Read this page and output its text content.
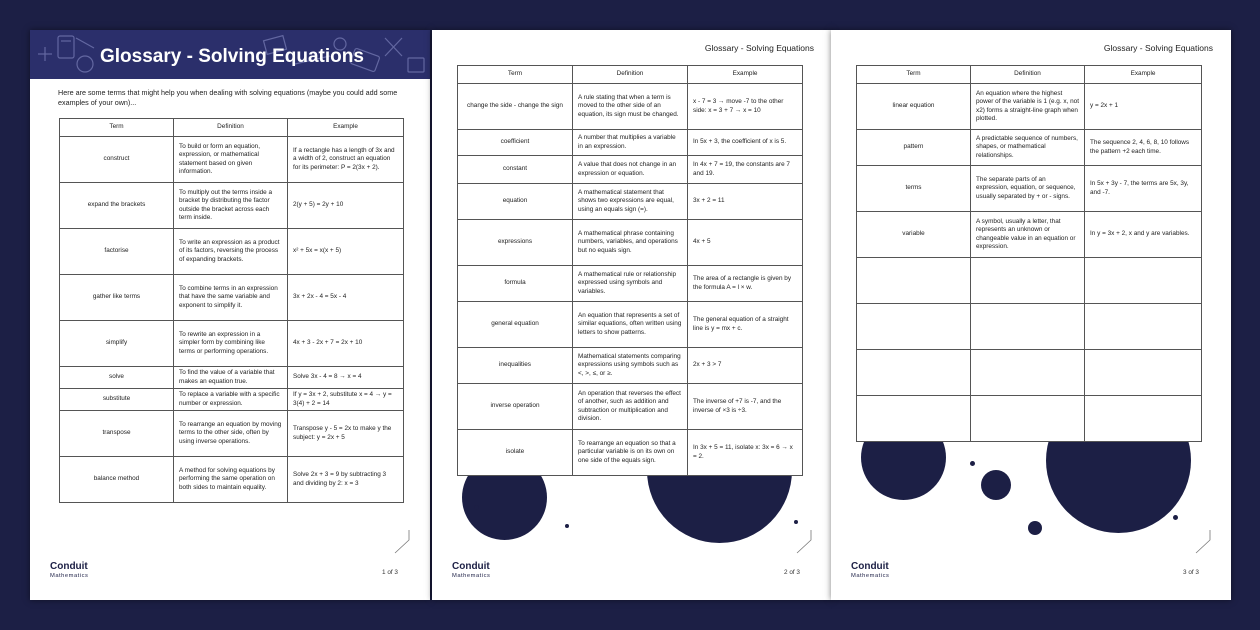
Glossary - Solving Equations
Here are some terms that might help you when dealing with solving equations (maybe you could add some examples of your own)...
Term	Definition	Example
construct	To build or form an equation, expression, or mathematical statement based on given information.	If a rectangle has a length of 3x and a width of 2, construct an equation for its perimeter: P = 2(3x + 2).
expand the brackets	To multiply out the terms inside a bracket by distributing the factor outside the bracket across each term inside.	2(y + 5) = 2y + 10
factorise	To write an expression as a product of its factors, reversing the process of expanding brackets.	x² + 5x = x(x + 5)
gather like terms	To combine terms in an expression that have the same variable and exponent to simplify it.	3x + 2x - 4 = 5x - 4
simplify	To rewrite an expression in a simpler form by combining like terms or performing operations.	4x + 3 - 2x + 7 = 2x + 10
solve	To find the value of a variable that makes an equation true.	Solve 3x - 4 = 8 → x = 4
substitute	To replace a variable with a specific number or expression.	If y = 3x + 2, substitute x = 4 → y = 3(4) + 2 = 14
transpose	To rearrange an equation by moving terms to the other side, often by using inverse operations.	Transpose y - 5 = 2x to make y the subject: y = 2x + 5
balance method	A method for solving equations by performing the same operation on both sides to maintain equality.	Solve 2x + 3 = 9 by subtracting 3 and dividing by 2: x = 3
Conduit
Mathematics	1 of 3
Glossary - Solving Equations
Term	Definition	Example
change the side - change the sign	A rule stating that when a term is moved to the other side of an equation, its sign must be changed.	x - 7 = 3 → move -7 to the other side: x = 3 + 7 → x = 10
coefficient	A number that multiplies a variable in an expression.	In 5x + 3, the coefficient of x is 5.
constant	A value that does not change in an expression or equation.	In 4x + 7 = 19, the constants are 7 and 19.
equation	A mathematical statement that shows two expressions are equal, using an equals sign (=).	3x + 2 = 11
expressions	A mathematical phrase containing numbers, variables, and operations but no equals sign.	4x + 5
formula	A mathematical rule or relationship expressed using symbols and variables.	The area of a rectangle is given by the formula A = l × w.
general equation	An equation that represents a set of similar equations, often written using letters to show patterns.	The general equation of a straight line is y = mx + c.
inequalities	Mathematical statements comparing expressions using symbols such as <, >, ≤, or ≥.	2x + 3 > 7
inverse operation	An operation that reverses the effect of another, such as addition and subtraction or multiplication and division.	The inverse of +7 is -7, and the inverse of ×3 is ÷3.
isolate	To rearrange an equation so that a particular variable is on its own on one side of the equals sign.	In 3x + 5 = 11, isolate x: 3x = 6 → x = 2.
Conduit
Mathematics	2 of 3
Glossary - Solving Equations
Term	Definition	Example
linear equation	An equation where the highest power of the variable is 1 (e.g. x, not x2) forms a straight-line graph when plotted.	y = 2x + 1
pattern	A predictable sequence of numbers, shapes, or mathematical relationships.	The sequence 2, 4, 6, 8, 10 follows the pattern +2 each time.
terms	The separate parts of an expression, equation, or sequence, usually separated by + or - signs.	In 5x + 3y - 7, the terms are 5x, 3y, and -7.
variable	A symbol, usually a letter, that represents an unknown or changeable value in an equation or expression.	In y = 3x + 2, x and y are variables.

Conduit
Mathematics	3 of 3
